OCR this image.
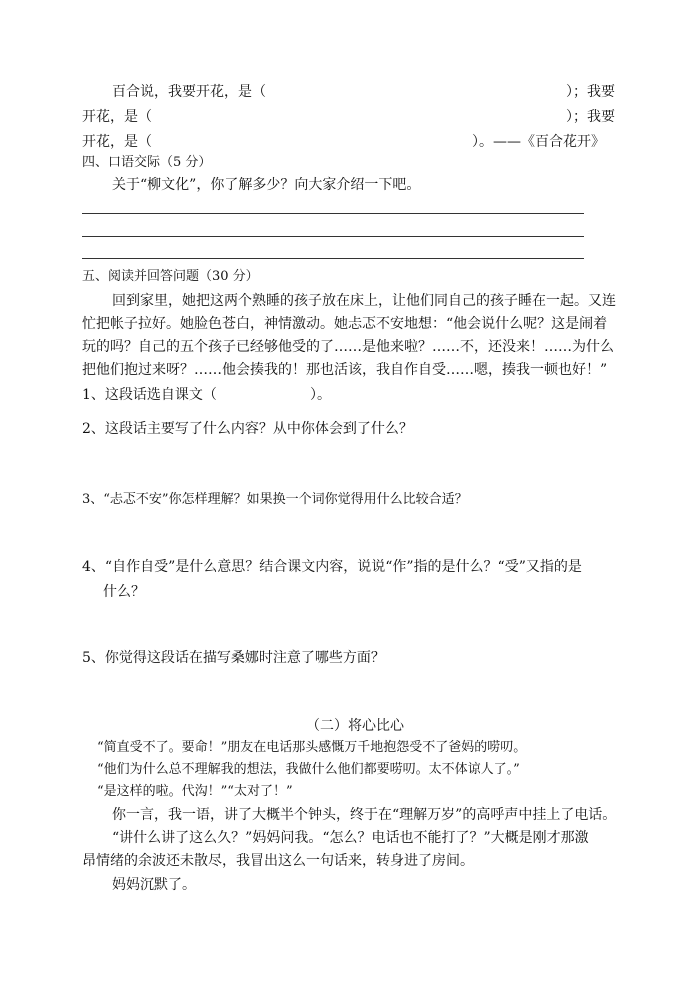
百合说，我要开花，是（	）；我要
开花，是（	）；我要
开花，是（	）。——《百合花开》
四、口语交际（5 分）
关于“柳文化”，你了解多少？向大家介绍一下吧。
五、阅读并回答问题（30 分）
回到家里，她把这两个熟睡的孩子放在床上，让他们同自己的孩子睡在一起。又连
忙把帐子拉好。她脸色苍白，神情激动。她忐忑不安地想：“他会说什么呢？这是闹着
玩的吗？自己的五个孩子已经够他受的了……是他来啦？……不，还没来！……为什么
把他们抱过来呀？……他会揍我的！那也活该，我自作自受……嗯，揍我一顿也好！”
1、这段话选自课文（	）。
2、这段话主要写了什么内容？从中你体会到了什么？
3、“忐忑不安”你怎样理解？如果换一个词你觉得用什么比较合适？
4、“自作自受”是什么意思？结合课文内容，说说“作”指的是什么？“受”又指的是
什么？
5、你觉得这段话在描写桑娜时注意了哪些方面？
（二）将心比心
“简直受不了。要命！”朋友在电话那头感慨万千地抱怨受不了爸妈的唠叨。
“他们为什么总不理解我的想法，我做什么他们都要唠叨。太不体谅人了。”
“是这样的啦。代沟！”“太对了！”
你一言，我一语，讲了大概半个钟头，终于在“理解万岁”的高呼声中挂上了电话。
“讲什么讲了这么久？”妈妈问我。“怎么？电话也不能打了？”大概是刚才那激
昂情绪的余波还未散尽，我冒出这么一句话来，转身进了房间。
妈妈沉默了。
